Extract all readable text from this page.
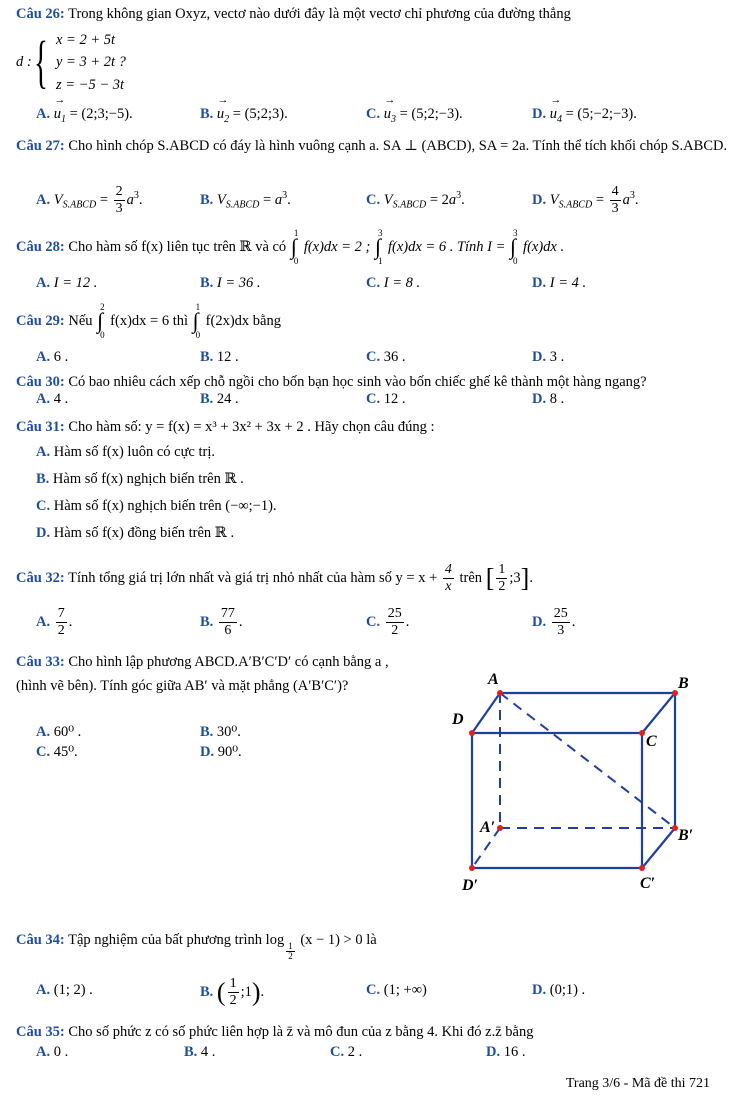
Câu 26: Trong không gian Oxyz, vectơ nào dưới đây là một vectơ chỉ phương của đường thẳng
d : { x = 2 + 5t
y = 3 + 2t ?
z = −5 − 3t
A. → $u_1$ = (2;3;−5).	B. → $u_2$ = (5;2;3).	C. → $u_3$ = (5;2;−3).	D. → $u_4$ = (5;−2;−3).
Câu 27: Cho hình chóp S.ABCD có đáy là hình vuông cạnh a. SA ⊥ (ABCD), SA = 2a. Tính thể tích khối chóp S.ABCD.
A. $V_{S.ABCD} = \frac{2}{3} a^3$.	B. $V_{S.ABCD} = a^3$.	C. $V_{S.ABCD} = 2a^3$.	D. $V_{S.ABCD} = \frac{4}{3} a^3$.
Câu 28: Cho hàm số f(x) liên tục trên ℝ và có
1
∫
0
f(x)dx = 2 ;
3
∫
1
f(x)dx = 6 . Tính I =
3
∫
0
f(x)dx .
A. I = 12 .	B. I = 36 .	C. I = 8 .	D. I = 4 .
Câu 29: Nếu
2
∫
0
f(x)dx = 6 thì
1
∫
0
f(2x)dx bằng
A. 6 .	B. 12 .	C. 36 .	D. 3 .
Câu 30: Có bao nhiêu cách xếp chỗ ngồi cho bốn bạn học sinh vào bốn chiếc ghế kê thành một hàng ngang?
A. 4 .	B. 24 .	C. 12 .	D. 8 .
Câu 31: Cho hàm số: y = f(x) = x³ + 3x² + 3x + 2 . Hãy chọn câu đúng :
A. Hàm số f(x) luôn có cực trị.
B. Hàm số f(x) nghịch biến trên ℝ .
C. Hàm số f(x) nghịch biến trên (−∞;−1).
D. Hàm số f(x) đồng biến trên ℝ .
Câu 32: Tính tổng giá trị lớn nhất và giá trị nhỏ nhất của hàm số $y = x + \frac{4}{x}$ trên [ $\frac{1}{2}$ ;3].
A. $\frac{7}{2}$ .	B. $\frac{77}{6}$ .	C. $\frac{25}{2}$ .	D. $\frac{25}{3}$ .
Câu 33: Cho hình lập phương ABCD.A′B′C′D′ có cạnh bằng a ,
(hình vẽ bên). Tính góc giữa AB′ và mặt phẳng (A′B′C′)?
A. 60⁰ .	B. 30⁰.
C. 45⁰.	D. 90⁰.
A	B
D
C
A′	B′
D′	C′
Câu 34: Tập nghiệm của bất phương trình log
$_{\frac{1}{2}}$
(x − 1) > 0 là
A. (1; 2) .	B. ( $\frac{1}{2}$ ;1).	C. (1; +∞)	D. (0;1) .
Câu 35: Cho số phức z có số phức liên hợp là z̄ và mô đun của z bằng 4. Khi đó z.z̄ bằng
A. 0 .	B. 4 .	C. 2 .	D. 16 .
Trang 3/6 - Mã đề thi 721
